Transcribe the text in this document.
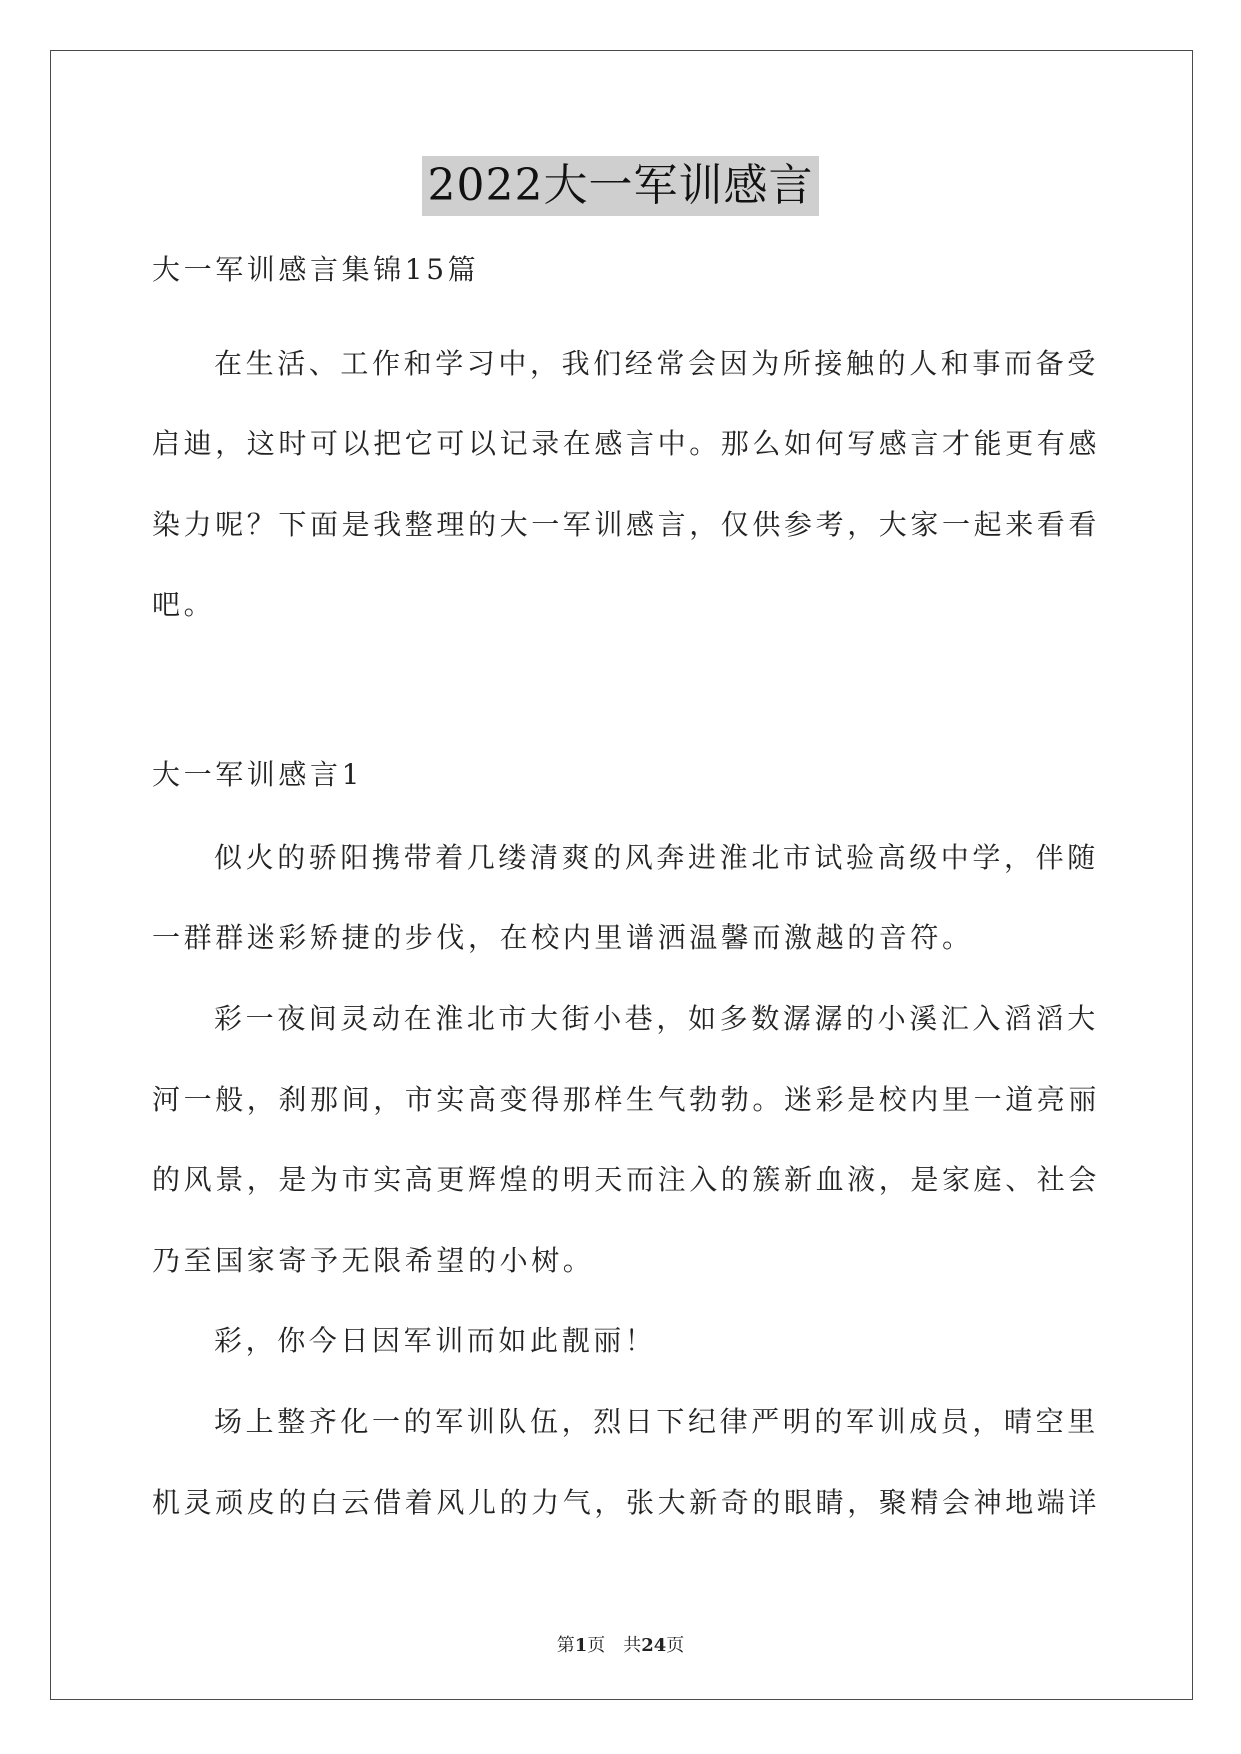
2022大一军训感言
大一军训感言集锦15篇
在生活、工作和学习中，我们经常会因为所接触的人和事而备受
启迪，这时可以把它可以记录在感言中。那么如何写感言才能更有感
染力呢？下面是我整理的大一军训感言，仅供参考，大家一起来看看
吧。
大一军训感言1
似火的骄阳携带着几缕清爽的风奔进淮北市试验高级中学，伴随
一群群迷彩矫捷的步伐，在校内里谱洒温馨而激越的音符。
彩一夜间灵动在淮北市大街小巷，如多数潺潺的小溪汇入滔滔大
河一般，刹那间，市实高变得那样生气勃勃。迷彩是校内里一道亮丽
的风景，是为市实高更辉煌的明天而注入的簇新血液，是家庭、社会
乃至国家寄予无限希望的小树。
彩，你今日因军训而如此靓丽！
场上整齐化一的军训队伍，烈日下纪律严明的军训成员，晴空里
机灵顽皮的白云借着风儿的力气，张大新奇的眼睛，聚精会神地端详
第1页　共24页
